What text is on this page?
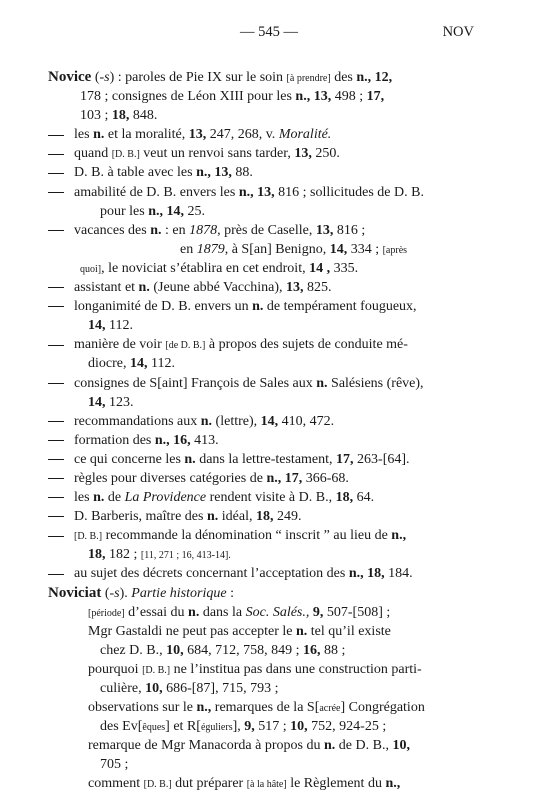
— 545 —	NOV
Novice (-s) : paroles de Pie IX sur le soin [à prendre] des n., 12,
178 ; consignes de Léon XIII pour les n., 13, 498 ; 17,
103 ; 18, 848.
les n. et la moralité, 13, 247, 268, v. Moralité.
quand [D. B.] veut un renvoi sans tarder, 13, 250.
D. B. à table avec les n., 13, 88.
amabilité de D. B. envers les n., 13, 816 ; sollicitudes de D. B.
pour les n., 14, 25.
vacances des n. : en 1878, près de Caselle, 13, 816 ;
en 1879, à S[an] Benigno, 14, 334 ; [après
quoi], le noviciat s’établira en cet endroit, 14 , 335.
assistant et n. (Jeune abbé Vacchina), 13, 825.
longanimité de D. B. envers un n. de tempérament fougueux,
14, 112.
manière de voir [de D. B.] à propos des sujets de conduite mé-
diocre, 14, 112.
consignes de S[aint] François de Sales aux n. Salésiens (rêve),
14, 123.
recommandations aux n. (lettre), 14, 410, 472.
formation des n., 16, 413.
ce qui concerne les n. dans la lettre-testament, 17, 263-[64].
règles pour diverses catégories de n., 17, 366-68.
les n. de La Providence rendent visite à D. B., 18, 64.
D. Barberis, maître des n. idéal, 18, 249.
[D. B.] recommande la dénomination “ inscrit ” au lieu de n.,
18, 182 ; [11, 271 ; 16, 413-14].
au sujet des décrets concernant l’acceptation des n., 18, 184.
Noviciat (-s). Partie historique :
[période] d’essai du n. dans la Soc. Salés., 9, 507-[508] ;
Mgr Gastaldi ne peut pas accepter le n. tel qu’il existe
chez D. B., 10, 684, 712, 758, 849 ; 16, 88 ;
pourquoi [D. B.] ne l’institua pas dans une construction parti-
culière, 10, 686-[87], 715, 793 ;
observations sur le n., remarques de la S[acrée] Congrégation
des Ev[êques] et R[éguliers], 9, 517 ; 10, 752, 924-25 ;
remarque de Mgr Manacorda à propos du n. de D. B., 10,
705 ;
comment [D. B.] dut préparer [à la hâte] le Règlement du n.,
